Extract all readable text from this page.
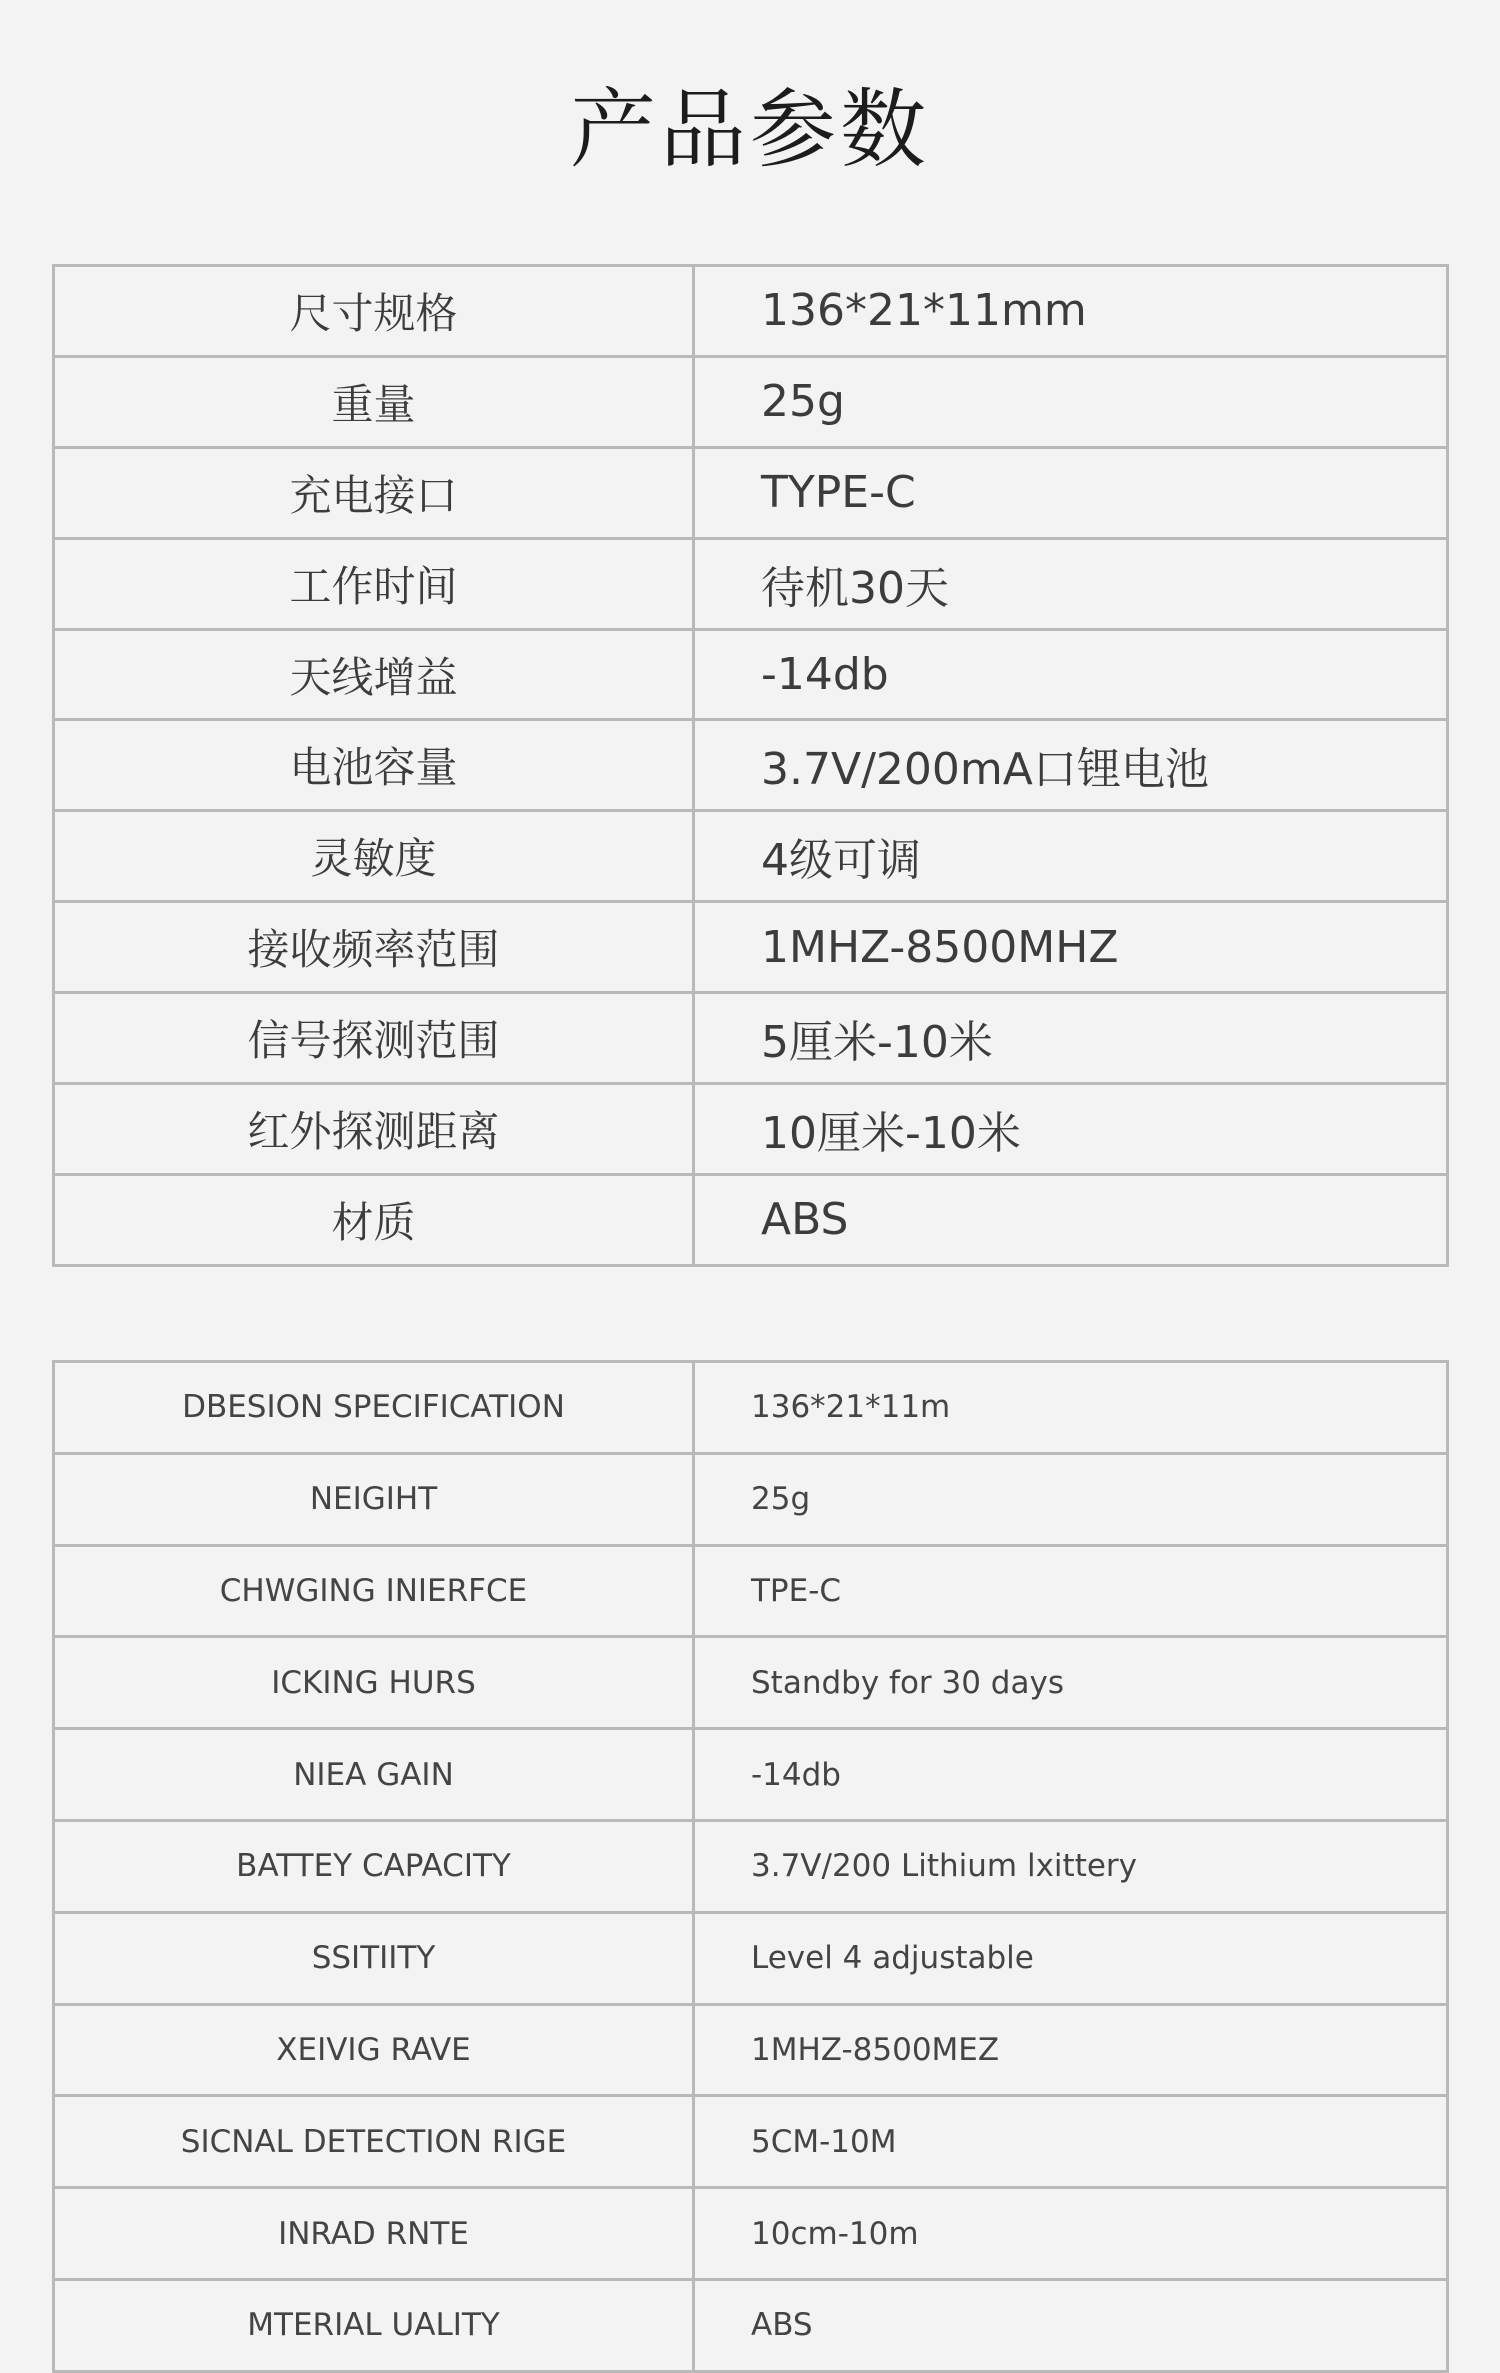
产品参数
尺寸规格	136*21*11mm
重量	25g
充电接口	TYPE-C
工作时间	待机30天
天线增益	-14db
电池容量	3.7V/200mA口锂电池
灵敏度	4级可调
接收频率范围	1MHZ-8500MHZ
信号探测范围	5厘米-10米
红外探测距离	10厘米-10米
材质	ABS
DBESION SPECIFICATION	136*21*11m
NEIGIHT	25g
CHWGING INIERFCE	TPE-C
ICKING HURS	Standby for 30 days
NIEA GAIN	-14db
BATTEY CAPACITY	3.7V/200 Lithium lxittery
SSITIITY	Level 4 adjustable
XEIVIG RAVE	1MHZ-8500MEZ
SICNAL DETECTION RIGE	5CM-10M
INRAD RNTE	10cm-10m
MTERIAL UALITY	ABS
